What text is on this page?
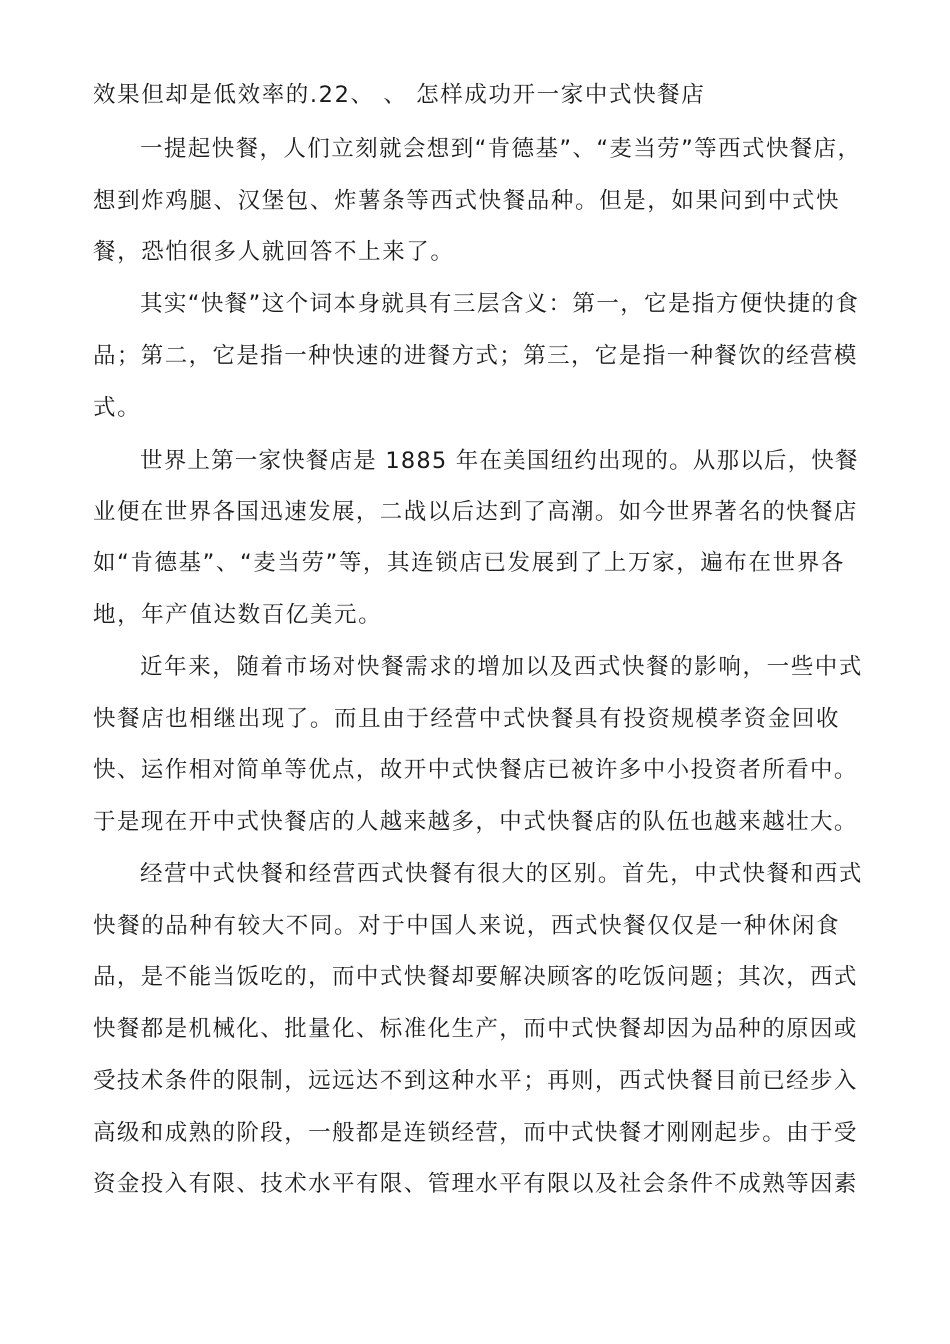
效果但却是低效率的.22、 、 怎样成功开一家中式快餐店
一提起快餐，人们立刻就会想到“肯德基”、“麦当劳”等西式快餐店，
想到炸鸡腿、汉堡包、炸薯条等西式快餐品种。但是，如果问到中式快
餐，恐怕很多人就回答不上来了。
其实“快餐”这个词本身就具有三层含义：第一，它是指方便快捷的食
品；第二，它是指一种快速的进餐方式；第三，它是指一种餐饮的经营模
式。
世界上第一家快餐店是 1885 年在美国纽约出现的。从那以后，快餐
业便在世界各国迅速发展，二战以后达到了高潮。如今世界著名的快餐店
如“肯德基”、“麦当劳”等，其连锁店已发展到了上万家，遍布在世界各
地，年产值达数百亿美元。
近年来，随着市场对快餐需求的增加以及西式快餐的影响，一些中式
快餐店也相继出现了。而且由于经营中式快餐具有投资规模孝资金回收
快、运作相对简单等优点，故开中式快餐店已被许多中小投资者所看中。
于是现在开中式快餐店的人越来越多，中式快餐店的队伍也越来越壮大。
经营中式快餐和经营西式快餐有很大的区别。首先，中式快餐和西式
快餐的品种有较大不同。对于中国人来说，西式快餐仅仅是一种休闲食
品，是不能当饭吃的，而中式快餐却要解决顾客的吃饭问题；其次，西式
快餐都是机械化、批量化、标准化生产，而中式快餐却因为品种的原因或
受技术条件的限制，远远达不到这种水平；再则，西式快餐目前已经步入
高级和成熟的阶段，一般都是连锁经营，而中式快餐才刚刚起步。由于受
资金投入有限、技术水平有限、管理水平有限以及社会条件不成熟等因素
